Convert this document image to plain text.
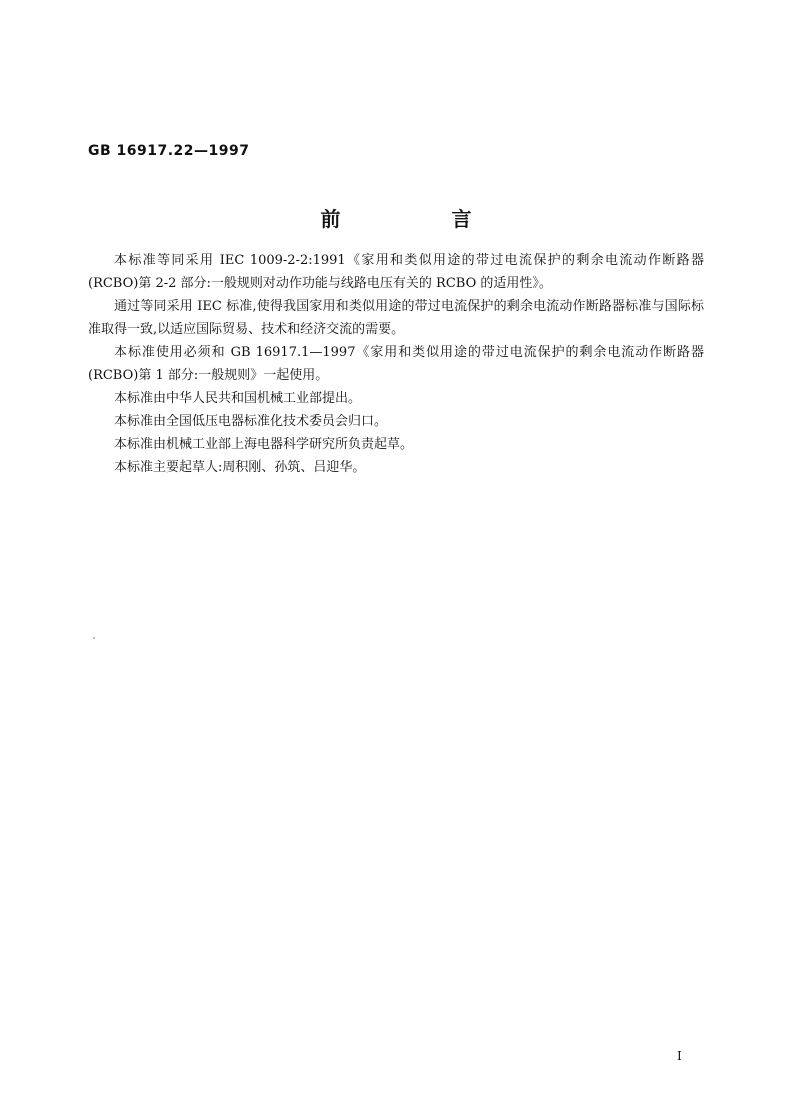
GB 16917.22—1997
前 言

本标准等同采用 IEC 1009-2-2:1991《家用和类似用途的带过电流保护的剩余电流动作断路器(RCBO)第 2-2 部分:一般规则对动作功能与线路电压有关的 RCBO 的适用性》。

通过等同采用 IEC 标准,使得我国家用和类似用途的带过电流保护的剩余电流动作断路器标准与国际标准取得一致,以适应国际贸易、技术和经济交流的需要。

本标准使用必须和 GB 16917.1—1997《家用和类似用途的带过电流保护的剩余电流动作断路器(RCBO)第 1 部分:一般规则》一起使用。

本标准由中华人民共和国机械工业部提出。

本标准由全国低压电器标准化技术委员会归口。

本标准由机械工业部上海电器科学研究所负责起草。

本标准主要起草人:周积刚、孙筑、吕迎华。

I
